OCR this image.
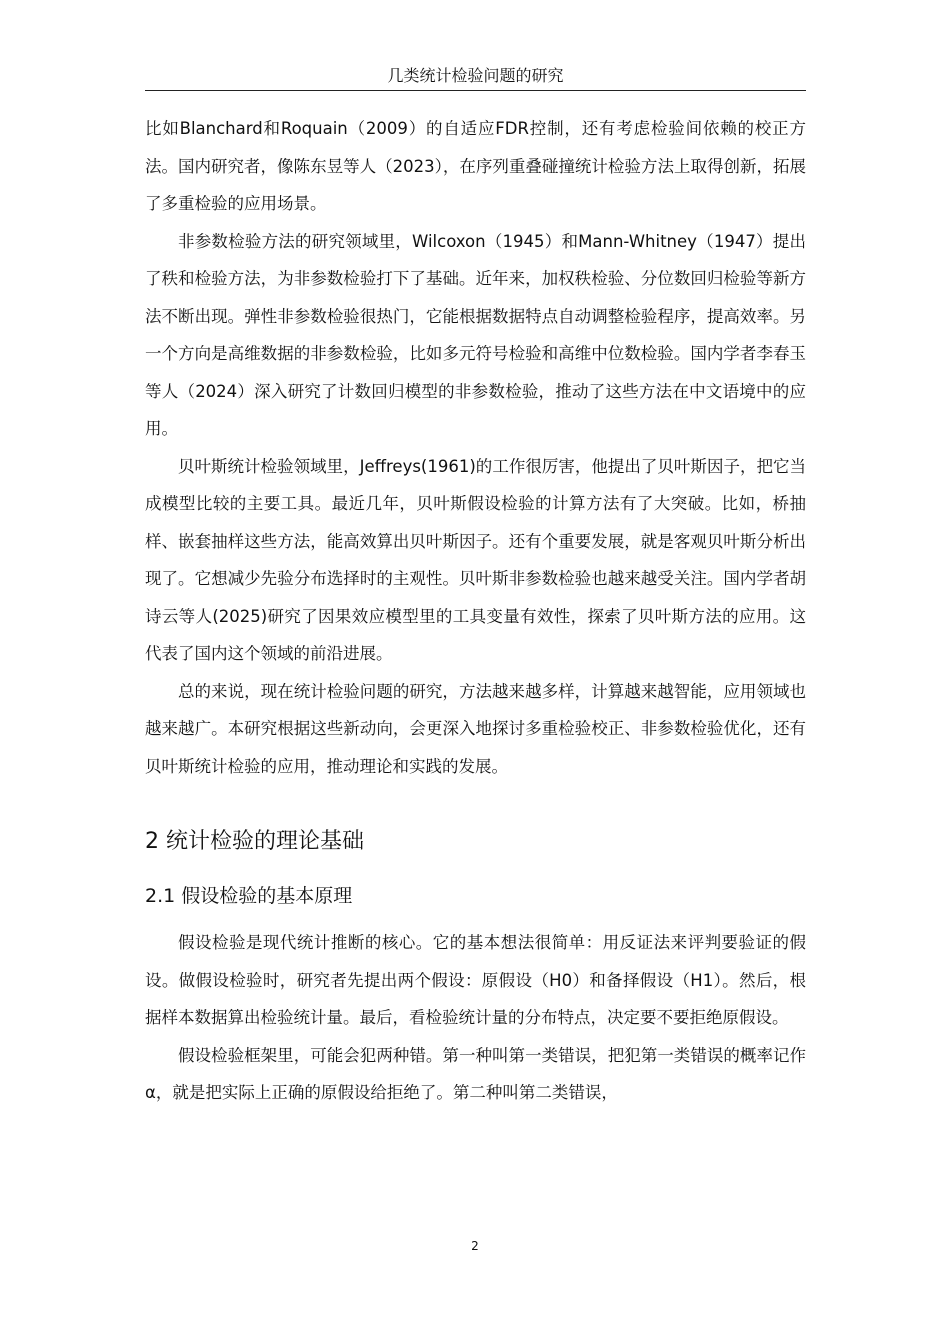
几类统计检验问题的研究

比如Blanchard和Roquain（2009）的自适应FDR控制，还有考虑检验间依赖的校正方法。国内研究者，像陈东昱等人（2023），在序列重叠碰撞统计检验方法上取得创新，拓展了多重检验的应用场景。

非参数检验方法的研究领域里，Wilcoxon（1945）和Mann-Whitney（1947）提出了秩和检验方法，为非参数检验打下了基础。近年来，加权秩检验、分位数回归检验等新方法不断出现。弹性非参数检验很热门，它能根据数据特点自动调整检验程序，提高效率。另一个方向是高维数据的非参数检验，比如多元符号检验和高维中位数检验。国内学者李春玉等人（2024）深入研究了计数回归模型的非参数检验，推动了这些方法在中文语境中的应用。

贝叶斯统计检验领域里，Jeffreys(1961)的工作很厉害，他提出了贝叶斯因子，把它当成模型比较的主要工具。最近几年，贝叶斯假设检验的计算方法有了大突破。比如，桥抽样、嵌套抽样这些方法，能高效算出贝叶斯因子。还有个重要发展，就是客观贝叶斯分析出现了。它想减少先验分布选择时的主观性。贝叶斯非参数检验也越来越受关注。国内学者胡诗云等人(2025)研究了因果效应模型里的工具变量有效性，探索了贝叶斯方法的应用。这代表了国内这个领域的前沿进展。

总的来说，现在统计检验问题的研究，方法越来越多样，计算越来越智能，应用领域也越来越广。本研究根据这些新动向，会更深入地探讨多重检验校正、非参数检验优化，还有贝叶斯统计检验的应用，推动理论和实践的发展。

2 统计检验的理论基础
2.1 假设检验的基本原理

假设检验是现代统计推断的核心。它的基本想法很简单：用反证法来评判要验证的假设。做假设检验时，研究者先提出两个假设：原假设（H0）和备择假设（H1）。然后，根据样本数据算出检验统计量。最后，看检验统计量的分布特点，决定要不要拒绝原假设。

假设检验框架里，可能会犯两种错。第一种叫第一类错误，把犯第一类错误的概率记作α，就是把实际上正确的原假设给拒绝了。第二种叫第二类错误，

2
